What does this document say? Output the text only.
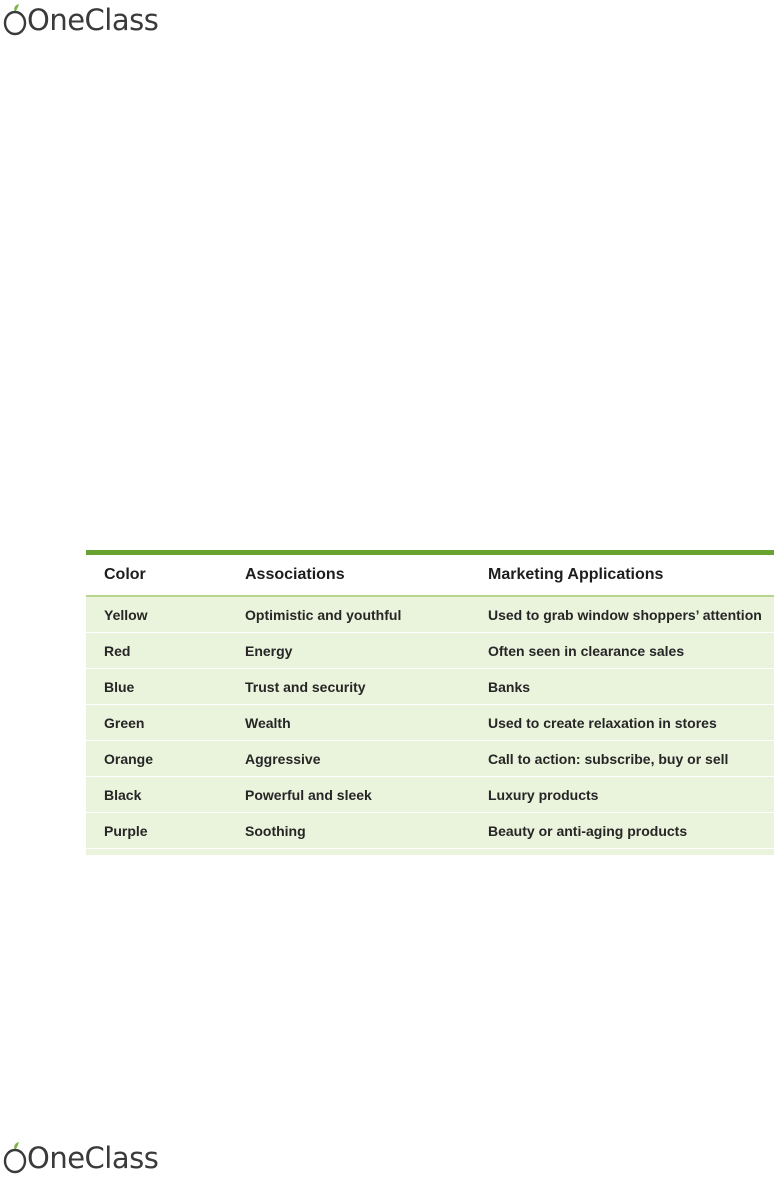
OneClass
Color	Associations	Marketing Applications
Yellow	Optimistic and youthful	Used to grab window shoppers’ attention
Red	Energy	Often seen in clearance sales
Blue	Trust and security	Banks
Green	Wealth	Used to create relaxation in stores
Orange	Aggressive	Call to action: subscribe, buy or sell
Black	Powerful and sleek	Luxury products
Purple	Soothing	Beauty or anti-aging products
OneClass
